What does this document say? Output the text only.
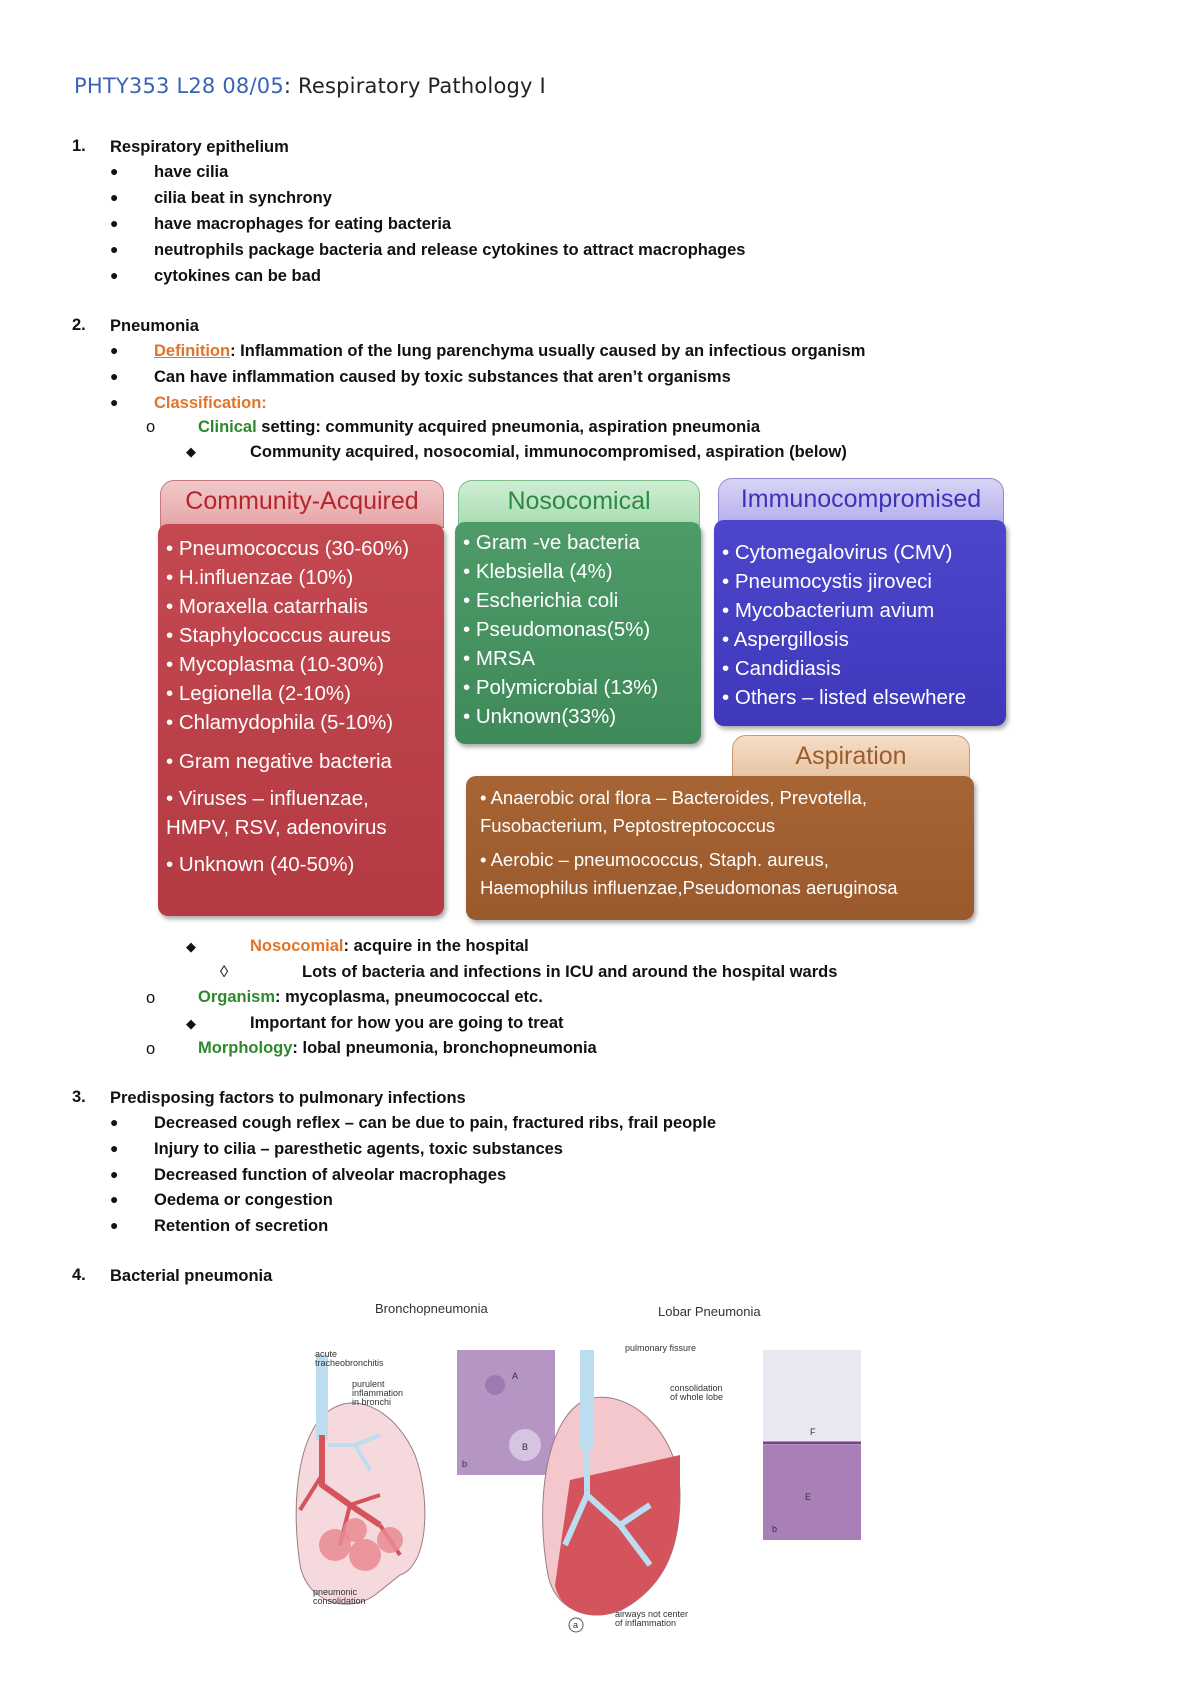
PHTY353 L28 08/05: Respiratory Pathology I
1. Respiratory epithelium
● have cilia
● cilia beat in synchrony
● have macrophages for eating bacteria
● neutrophils package bacteria and release cytokines to attract macrophages
● cytokines can be bad
2. Pneumonia
● Definition: Inflammation of the lung parenchyma usually caused by an infectious organism
● Can have inflammation caused by toxic substances that aren’t organisms
● Classification:
o	Clinical setting: community acquired pneumonia, aspiration pneumonia
◆	Community acquired, nosocomial, immunocompromised, aspiration (below)
Community-Acquired
• Pneumococcus (30-60%)
• H.influenzae (10%)
• Moraxella catarrhalis
• Staphylococcus aureus
• Mycoplasma (10-30%)
• Legionella (2-10%)
• Chlamydophila (5-10%)
• Gram negative bacteria
• Viruses – influenzae,
HMPV, RSV, adenovirus
• Unknown (40-50%)
Nosocomical
• Gram -ve bacteria
• Klebsiella (4%)
• Escherichia coli
• Pseudomonas(5%)
• MRSA
• Polymicrobial (13%)
• Unknown(33%)
Immunocompromised
• Cytomegalovirus (CMV)
• Pneumocystis jiroveci
• Mycobacterium avium
• Aspergillosis
• Candidiasis
• Others – listed elsewhere
Aspiration
• Anaerobic oral flora – Bacteroides, Prevotella,
Fusobacterium, Peptostreptococcus
• Aerobic – pneumococcus, Staph. aureus,
Haemophilus influenzae,Pseudomonas aeruginosa
◆	Nosocomial: acquire in the hospital
◊	Lots of bacteria and infections in ICU and around the hospital wards
o	Organism: mycoplasma, pneumococcal etc.
◆	Important for how you are going to treat
o	Morphology: lobal pneumonia, bronchopneumonia
3. Predisposing factors to pulmonary infections
● Decreased cough reflex – can be due to pain, fractured ribs, frail people
● Injury to cilia – paresthetic agents, toxic substances
● Decreased function of alveolar macrophages
● Oedema or congestion
● Retention of secretion
4. Bacterial pneumonia
Bronchopneumonia	Lobar Pneumonia
acute
tracheobronchitis
purulent
inflammation
in bronchi
pneumonic
consolidation
A
B
b
pulmonary fissure
consolidation
of whole lobe
airways not center
of inflammation
a
F
E
b
